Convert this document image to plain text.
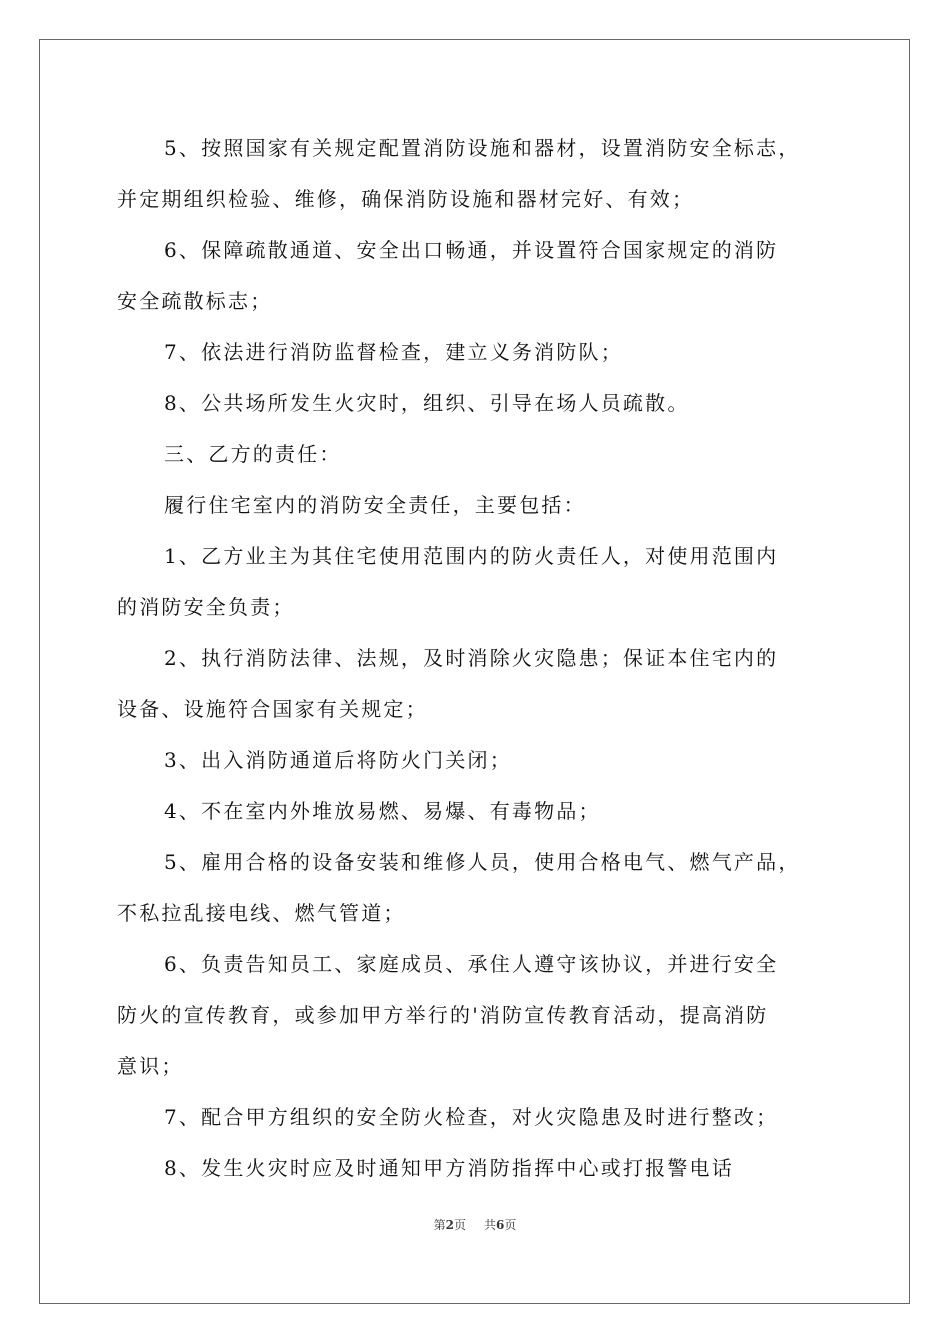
5、按照国家有关规定配置消防设施和器材，设置消防安全标志，
并定期组织检验、维修，确保消防设施和器材完好、有效；
6、保障疏散通道、安全出口畅通，并设置符合国家规定的消防
安全疏散标志；
7、依法进行消防监督检查，建立义务消防队；
8、公共场所发生火灾时，组织、引导在场人员疏散。
三、乙方的责任：
履行住宅室内的消防安全责任，主要包括：
1、乙方业主为其住宅使用范围内的防火责任人，对使用范围内
的消防安全负责；
2、执行消防法律、法规，及时消除火灾隐患；保证本住宅内的
设备、设施符合国家有关规定；
3、出入消防通道后将防火门关闭；
4、不在室内外堆放易燃、易爆、有毒物品；
5、雇用合格的设备安装和维修人员，使用合格电气、燃气产品，
不私拉乱接电线、燃气管道；
6、负责告知员工、家庭成员、承住人遵守该协议，并进行安全
防火的宣传教育，或参加甲方举行的'消防宣传教育活动，提高消防
意识；
7、配合甲方组织的安全防火检查，对火灾隐患及时进行整改；
8、发生火灾时应及时通知甲方消防指挥中心或打报警电话
第2页 共6页
